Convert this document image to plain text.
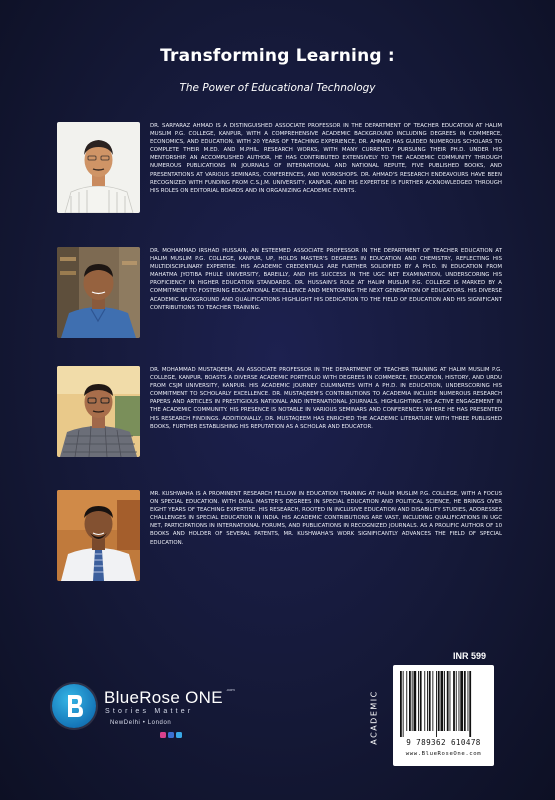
Transforming Learning :
The Power of Educational Technology

DR. SARFARAZ AHMAD IS A DISTINGUISHED ASSOCIATE PROFESSOR IN THE DEPARTMENT OF TEACHER EDUCATION AT HALIM MUSLIM P.G. COLLEGE, KANPUR, WITH A COMPREHENSIVE ACADEMIC BACKGROUND INCLUDING DEGREES IN COMMERCE, ECONOMICS, AND EDUCATION. WITH 20 YEARS OF TEACHING EXPERIENCE, DR. AHMAD HAS GUIDED NUMEROUS SCHOLARS TO COMPLETE THEIR M.ED. AND M.PHIL. RESEARCH WORKS, WITH MANY CURRENTLY PURSUING THEIR PH.D. UNDER HIS MENTORSHIP. AN ACCOMPLISHED AUTHOR, HE HAS CONTRIBUTED EXTENSIVELY TO THE ACADEMIC COMMUNITY THROUGH NUMEROUS PUBLICATIONS IN JOURNALS OF INTERNATIONAL AND NATIONAL REPUTE, FIVE PUBLISHED BOOKS, AND PRESENTATIONS AT VARIOUS SEMINARS, CONFERENCES, AND WORKSHOPS. DR. AHMAD'S RESEARCH ENDEAVOURS HAVE BEEN RECOGNIZED WITH FUNDING FROM C.S.J.M. UNIVERSITY, KANPUR, AND HIS EXPERTISE IS FURTHER ACKNOWLEDGED THROUGH HIS ROLES ON EDITORIAL BOARDS AND IN ORGANIZING ACADEMIC EVENTS.

DR. MOHAMMAD IRSHAD HUSSAIN, AN ESTEEMED ASSOCIATE PROFESSOR IN THE DEPARTMENT OF TEACHER EDUCATION AT HALIM MUSLIM P.G. COLLEGE, KANPUR, UP, HOLDS MASTER'S DEGREES IN EDUCATION AND CHEMISTRY, REFLECTING HIS MULTIDISCIPLINARY EXPERTISE. HIS ACADEMIC CREDENTIALS ARE FURTHER SOLIDIFIED BY A PH.D. IN EDUCATION FROM MAHATMA JYOTIBA PHULE UNIVERSITY, BAREILLY, AND HIS SUCCESS IN THE UGC NET EXAMINATION, UNDERSCORING HIS PROFICIENCY IN HIGHER EDUCATION STANDARDS. DR. HUSSAIN'S ROLE AT HALIM MUSLIM P.G. COLLEGE IS MARKED BY A COMMITMENT TO FOSTERING EDUCATIONAL EXCELLENCE AND MENTORING THE NEXT GENERATION OF EDUCATORS. HIS DIVERSE ACADEMIC BACKGROUND AND QUALIFICATIONS HIGHLIGHT HIS DEDICATION TO THE FIELD OF EDUCATION AND HIS SIGNIFICANT CONTRIBUTIONS TO TEACHER TRAINING.

DR. MOHAMMAD MUSTAQEEM, AN ASSOCIATE PROFESSOR IN THE DEPARTMENT OF TEACHER TRAINING AT HALIM MUSLIM P.G. COLLEGE, KANPUR, BOASTS A DIVERSE ACADEMIC PORTFOLIO WITH DEGREES IN COMMERCE, EDUCATION, HISTORY, AND URDU FROM CSJM UNIVERSITY, KANPUR. HIS ACADEMIC JOURNEY CULMINATES WITH A PH.D. IN EDUCATION, UNDERSCORING HIS COMMITMENT TO SCHOLARLY EXCELLENCE. DR. MUSTAQEEM'S CONTRIBUTIONS TO ACADEMIA INCLUDE NUMEROUS RESEARCH PAPERS AND ARTICLES IN PRESTIGIOUS NATIONAL AND INTERNATIONAL JOURNALS, HIGHLIGHTING HIS ACTIVE ENGAGEMENT IN THE ACADEMIC COMMUNITY. HIS PRESENCE IS NOTABLE IN VARIOUS SEMINARS AND CONFERENCES WHERE HE HAS PRESENTED HIS RESEARCH FINDINGS. ADDITIONALLY, DR. MUSTAQEEM HAS ENRICHED THE ACADEMIC LITERATURE WITH THREE PUBLISHED BOOKS, FURTHER ESTABLISHING HIS REPUTATION AS A SCHOLAR AND EDUCATOR.

MR. KUSHWAHA IS A PROMINENT RESEARCH FELLOW IN EDUCATION TRAINING AT HALIM MUSLIM P.G. COLLEGE, WITH A FOCUS ON SPECIAL EDUCATION. WITH DUAL MASTER'S DEGREES IN SPECIAL EDUCATION AND POLITICAL SCIENCE, HE BRINGS OVER EIGHT YEARS OF TEACHING EXPERTISE. HIS RESEARCH, ROOTED IN INCLUSIVE EDUCATION AND DISABILITY STUDIES, ADDRESSES CHALLENGES IN SPECIAL EDUCATION IN INDIA. HIS ACADEMIC CONTRIBUTIONS ARE VAST, INCLUDING QUALIFICATIONS IN UGC NET, PARTICIPATIONS IN INTERNATIONAL FORUMS, AND PUBLICATIONS IN RECOGNIZED JOURNALS. AS A PROLIFIC AUTHOR OF 10 BOOKS AND HOLDER OF SEVERAL PATENTS, MR. KUSHWAHA'S WORK SIGNIFICANTLY ADVANCES THE FIELD OF SPECIAL EDUCATION.

BlueRose ONE .com
Stories Matter
NewDelhi • London
INR 599
ACADEMIC	9 789362 610478
www.BlueRoseOne.com
